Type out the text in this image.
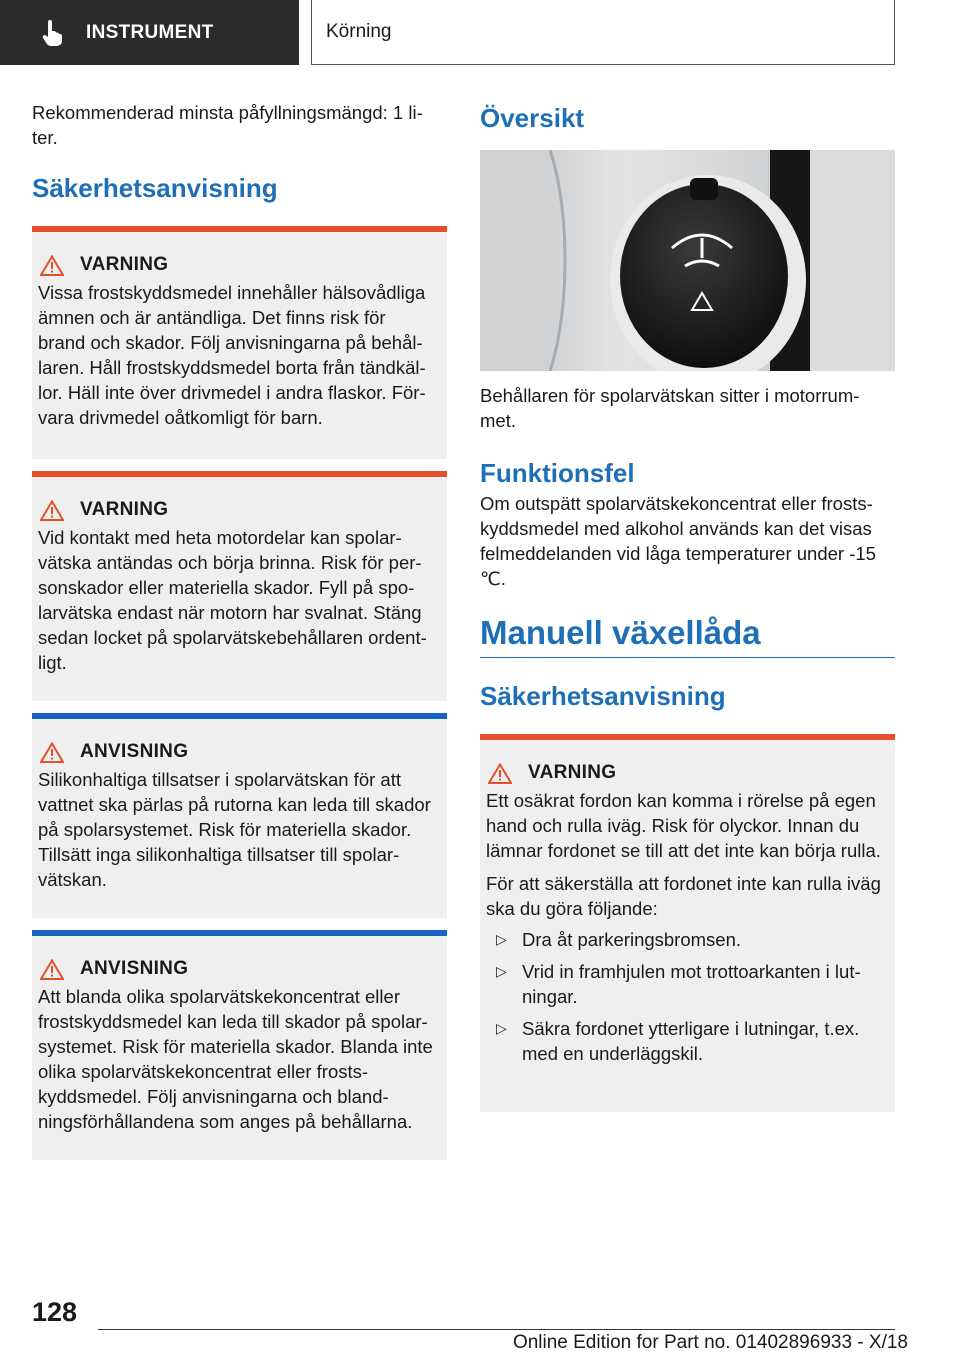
INSTRUMENT	Körning
Rekommenderad minsta påfyllningsmängd: 1 li‐ter.
Säkerhetsanvisning
VARNING

Vissa frostskyddsmedel innehåller hälsovådliga ämnen och är antändliga. Det finns risk för brand och skador. Följ anvisningarna på behål‐laren. Håll frostskyddsmedel borta från tändkäl‐lor. Häll inte över drivmedel i andra flaskor. För‐vara drivmedel oåtkomligt för barn.

VARNING

Vid kontakt med heta motordelar kan spolar‐vätska antändas och börja brinna. Risk för per‐sonskador eller materiella skador. Fyll på spo‐larvätska endast när motorn har svalnat. Stäng sedan locket på spolarvätskebehållaren ordent‐ligt.

ANVISNING

Silikonhaltiga tillsatser i spolarvätskan för att vattnet ska pärlas på rutorna kan leda till skador på spolarsystemet. Risk för materiella skador. Tillsätt inga silikonhaltiga tillsatser till spolar‐vätskan.

ANVISNING

Att blanda olika spolarvätskekoncentrat eller frostskyddsmedel kan leda till skador på spolar‐systemet. Risk för materiella skador. Blanda inte olika spolarvätskekoncentrat eller frosts‐kyddsmedel. Följ anvisningarna och bland‐ningsförhållandena som anges på behållarna.

Översikt
Behållaren för spolarvätskan sitter i motorrum‐met.
Funktionsfel
Om outspätt spolarvätskekoncentrat eller frosts‐kyddsmedel med alkohol används kan det visas felmeddelanden vid låga temperaturer under -15 ℃.
Manuell växellåda
Säkerhetsanvisning
VARNING

Ett osäkrat fordon kan komma i rörelse på egen hand och rulla iväg. Risk för olyckor. Innan du lämnar fordonet se till att det inte kan börja rulla.

För att säkerställa att fordonet inte kan rulla iväg ska du göra följande:

▷ Dra åt parkeringsbromsen.
▷ Vrid in framhjulen mot trottoarkanten i lut‐ningar.
▷ Säkra fordonet ytterligare i lutningar, t.ex. med en underläggskil.
128
Online Edition for Part no. 01402896933 - X/18
